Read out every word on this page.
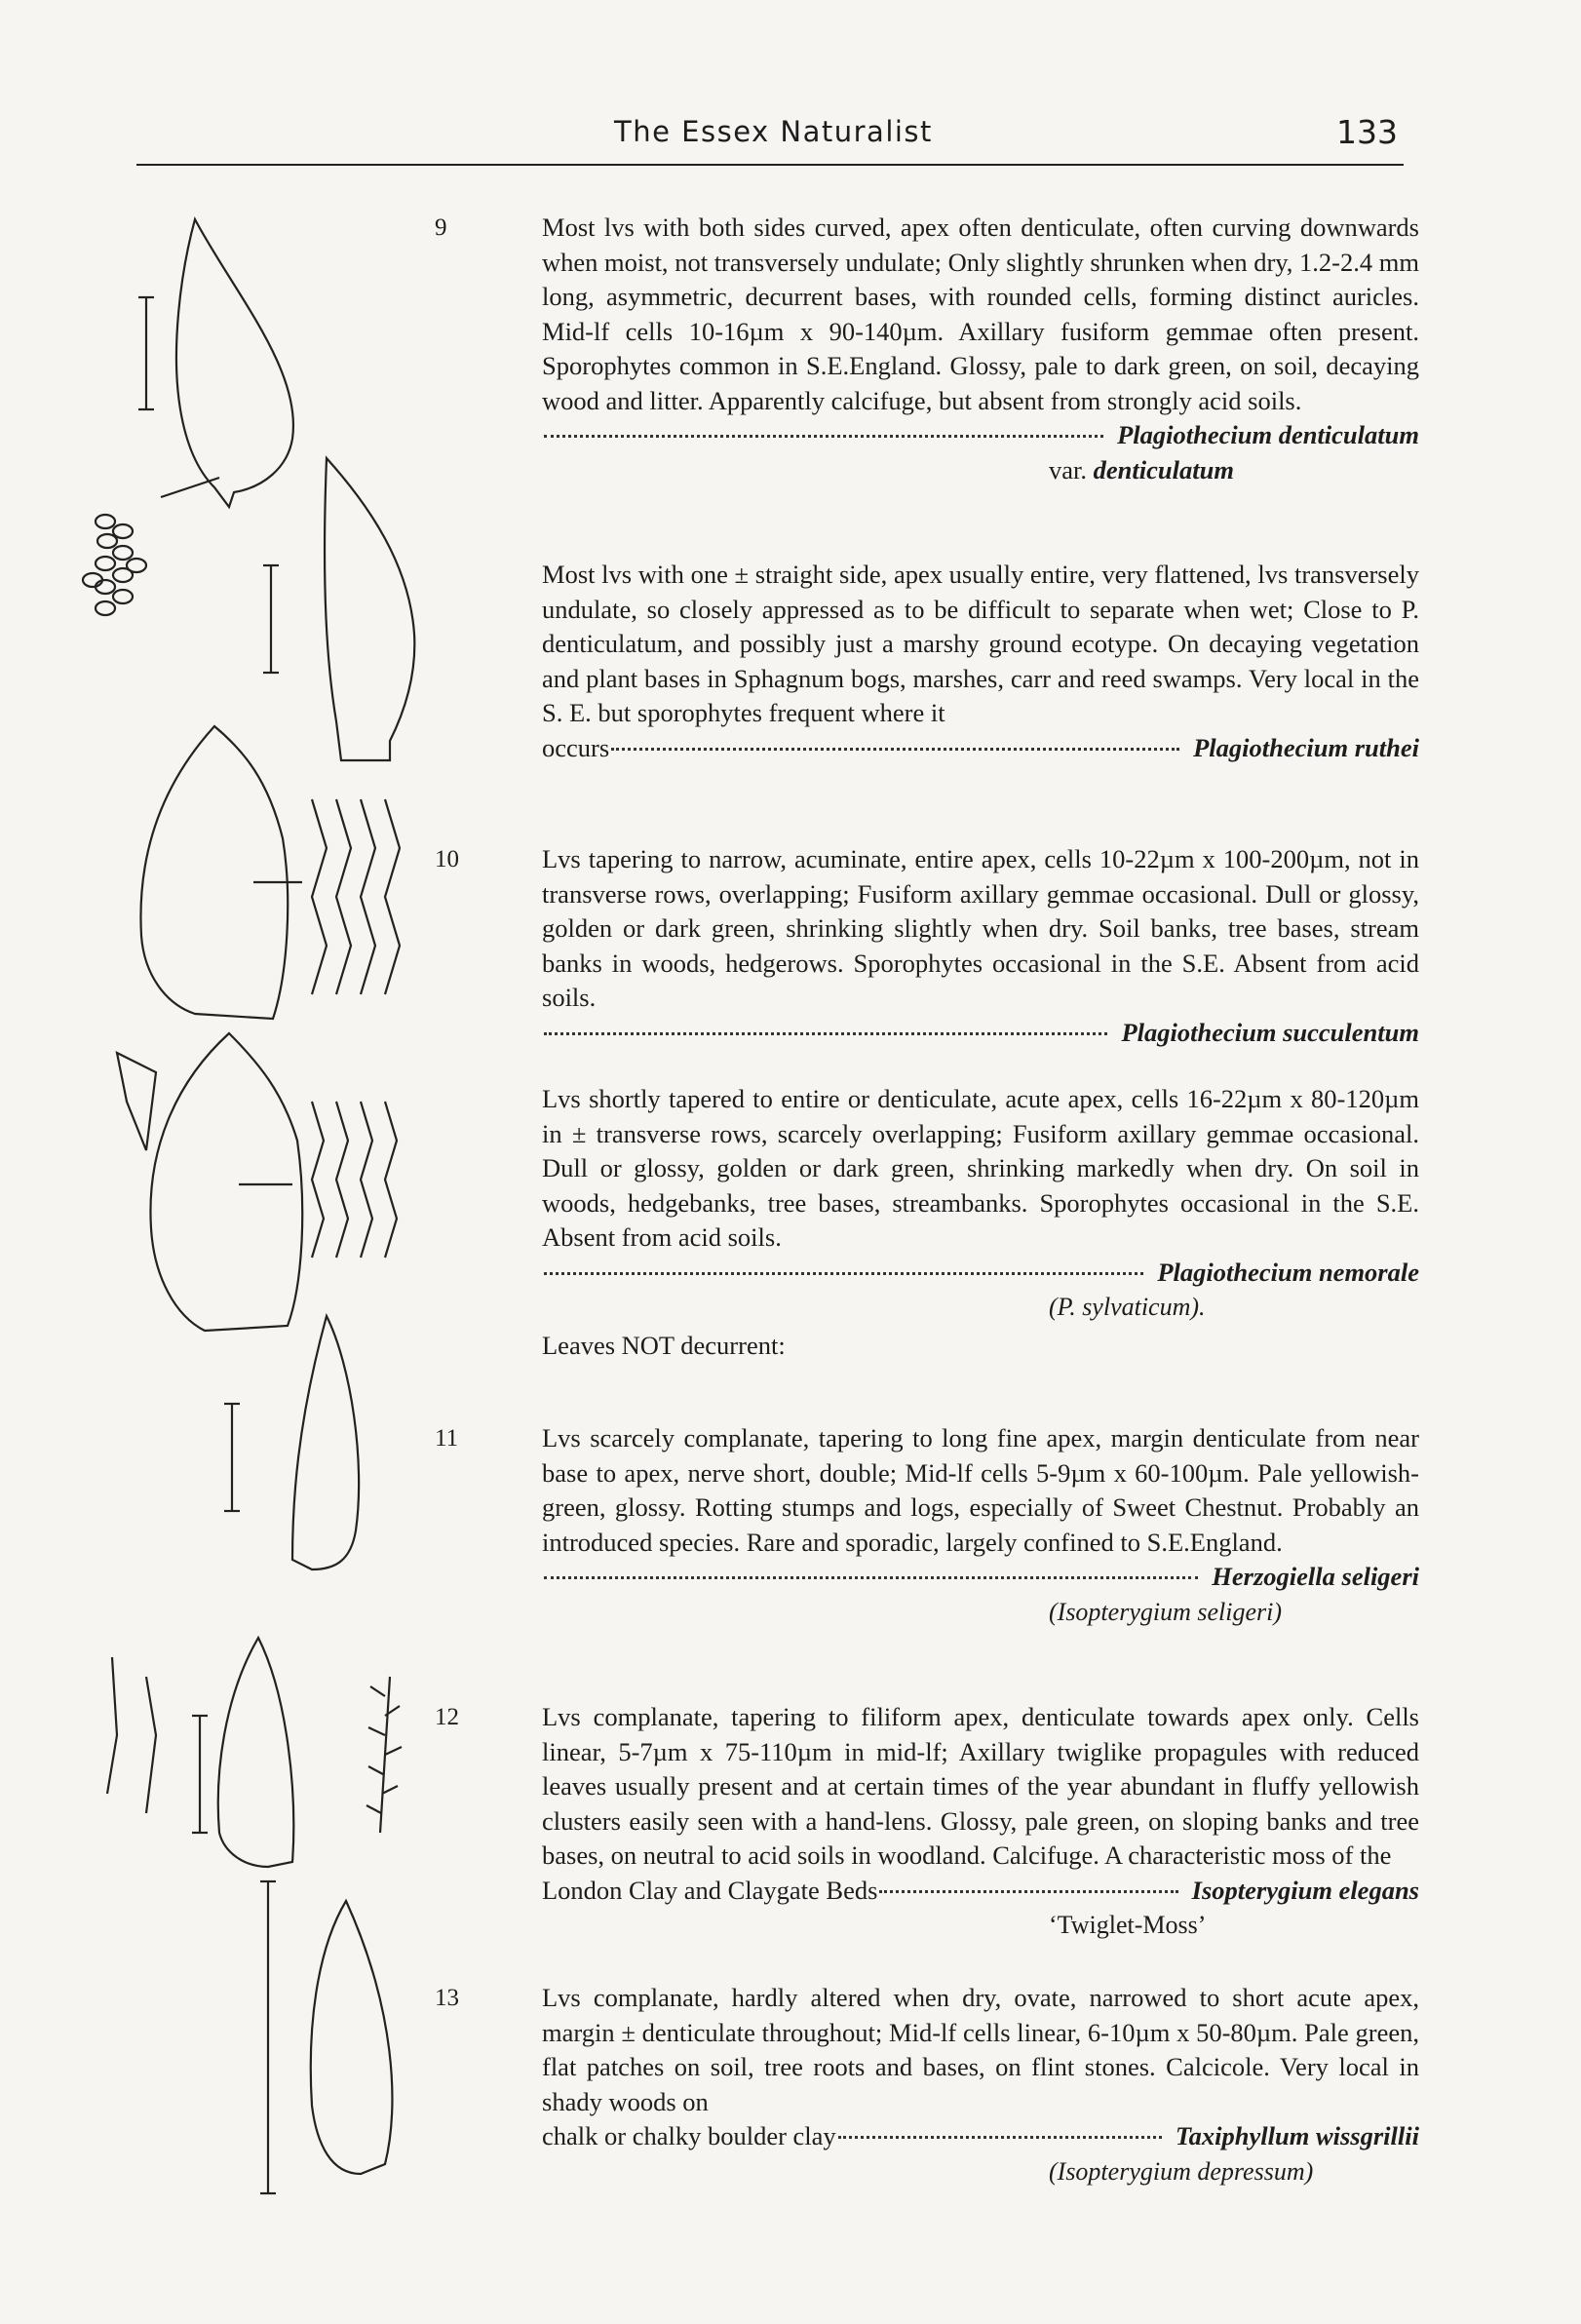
The Essex Naturalist	133
9	Most lvs with both sides curved, apex often denticulate, often curving downwards when moist, not transversely undulate; Only slightly shrunken when dry, 1.2-2.4 mm long, asymmetric, decurrent bases, with rounded cells, forming distinct auricles. Mid-lf cells 10-16µm x 90-140µm. Axillary fusiform gemmae often present. Sporophytes common in S.E.England. Glossy, pale to dark green, on soil, decaying wood and litter. Apparently calcifuge, but absent from strongly acid soils.

Plagiothecium denticulatum
var. denticulatum

Most lvs with one ± straight side, apex usually entire, very flattened, lvs transversely undulate, so closely appressed as to be difficult to separate when wet; Close to P. denticulatum, and possibly just a marshy ground ecotype. On decaying vegetation and plant bases in Sphagnum bogs, marshes, carr and reed swamps. Very local in the S. E. but sporophytes frequent where it

occurs	Plagiothecium ruthei
10	Lvs tapering to narrow, acuminate, entire apex, cells 10-22µm x 100-200µm, not in transverse rows, overlapping; Fusiform axillary gemmae occasional. Dull or glossy, golden or dark green, shrinking slightly when dry. Soil banks, tree bases, stream banks in woods, hedgerows. Sporophytes occasional in the S.E. Absent from acid soils.

Plagiothecium succulentum

Lvs shortly tapered to entire or denticulate, acute apex, cells 16-22µm x 80-120µm in ± transverse rows, scarcely overlapping; Fusiform axillary gemmae occasional. Dull or glossy, golden or dark green, shrinking markedly when dry. On soil in woods, hedgebanks, tree bases, streambanks. Sporophytes occasional in the S.E. Absent from acid soils.

Plagiothecium nemorale
(P. sylvaticum).
Leaves NOT decurrent:
11	Lvs scarcely complanate, tapering to long fine apex, margin denticulate from near base to apex, nerve short, double; Mid-lf cells 5-9µm x 60-100µm. Pale yellowish-green, glossy. Rotting stumps and logs, especially of Sweet Chestnut. Probably an introduced species. Rare and sporadic, largely confined to S.E.England.

Herzogiella seligeri
(Isopterygium seligeri)
12	Lvs complanate, tapering to filiform apex, denticulate towards apex only. Cells linear, 5-7µm x 75-110µm in mid-lf; Axillary twiglike propagules with reduced leaves usually present and at certain times of the year abundant in fluffy yellowish clusters easily seen with a hand-lens. Glossy, pale green, on sloping banks and tree bases, on neutral to acid soils in woodland. Calcifuge. A characteristic moss of the

London Clay and Claygate Beds	Isopterygium elegans
‘Twiglet-Moss’
13	Lvs complanate, hardly altered when dry, ovate, narrowed to short acute apex, margin ± denticulate throughout; Mid-lf cells linear, 6-10µm x 50-80µm. Pale green, flat patches on soil, tree roots and bases, on flint stones. Calcicole. Very local in shady woods on

chalk or chalky boulder clay	Taxiphyllum wissgrillii
(Isopterygium depressum)
